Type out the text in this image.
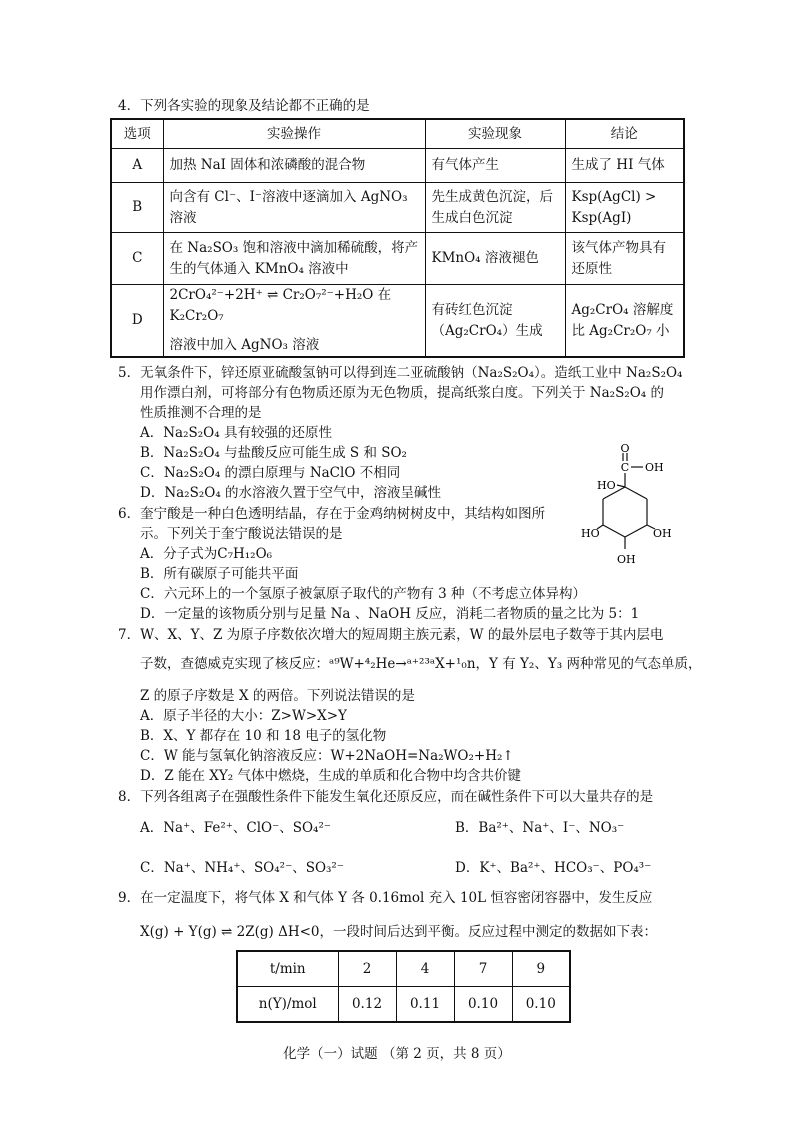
4．下列各实验的现象及结论都不正确的是
选项	实验操作	实验现象	结论
A	加热 NaI 固体和浓磷酸的混合物	有气体产生	生成了 HI 气体
B	向含有 Cl⁻、I⁻溶液中逐滴加入 AgNO₃ 溶液	先生成黄色沉淀，后生成白色沉淀	Ksp(AgCl) > Ksp(AgI)
C	在 Na₂SO₃ 饱和溶液中滴加稀硫酸，将产生的气体通入 KMnO₄ 溶液中	KMnO₄ 溶液褪色	该气体产物具有还原性
D	2CrO₄²⁻+2H⁺ ⇌ Cr₂O₇²⁻+H₂O 在 K₂Cr₂O₇
溶液中加入 AgNO₃ 溶液	有砖红色沉淀（Ag₂CrO₄）生成	Ag₂CrO₄ 溶解度比 Ag₂Cr₂O₇ 小
5．无氧条件下，锌还原亚硫酸氢钠可以得到连二亚硫酸钠（Na₂S₂O₄）。造纸工业中 Na₂S₂O₄
用作漂白剂，可将部分有色物质还原为无色物质，提高纸浆白度。下列关于 Na₂S₂O₄ 的
性质推测不合理的是
A．Na₂S₂O₄ 具有较强的还原性
B．Na₂S₂O₄ 与盐酸反应可能生成 S 和 SO₂
C．Na₂S₂O₄ 的漂白原理与 NaClO 不相同
D．Na₂S₂O₄ 的水溶液久置于空气中，溶液呈碱性
6．奎宁酸是一种白色透明结晶，存在于金鸡纳树树皮中，其结构如图所
示。下列关于奎宁酸说法错误的是
A．分子式为C₇H₁₂O₆
B．所有碳原子可能共平面
C．六元环上的一个氢原子被氯原子取代的产物有 3 种（不考虑立体异构）
D．一定量的该物质分别与足量 Na 、NaOH 反应，消耗二者物质的量之比为 5：1
O
C OH
HO
HO
OH
OH
7．W、X、Y、Z 为原子序数依次增大的短周期主族元素，W 的最外层电子数等于其内层电
子数，查德威克实现了核反应：ᵃ⁹W+⁴₂He→ᵃ⁺²³ᵃX+¹₀n，Y 有 Y₂、Y₃ 两种常见的气态单质，
Z 的原子序数是 X 的两倍。下列说法错误的是
A．原子半径的大小：Z>W>X>Y
B．X、Y 都存在 10 和 18 电子的氢化物
C．W 能与氢氧化钠溶液反应：W+2NaOH=Na₂WO₂+H₂↑
D．Z 能在 XY₂ 气体中燃烧，生成的单质和化合物中均含共价键
8．下列各组离子在强酸性条件下能发生氧化还原反应，而在碱性条件下可以大量共存的是
A．Na⁺、Fe²⁺、ClO⁻、SO₄²⁻	B．Ba²⁺、Na⁺、I⁻、NO₃⁻
C．Na⁺、NH₄⁺、SO₄²⁻、SO₃²⁻	D．K⁺、Ba²⁺、HCO₃⁻、PO₄³⁻
9．在一定温度下，将气体 X 和气体 Y 各 0.16mol 充入 10L 恒容密闭容器中，发生反应
X(g) + Y(g) ⇌ 2Z(g) ΔH<0，一段时间后达到平衡。反应过程中测定的数据如下表：
t/min	2	4	7	9
n(Y)/mol	0.12	0.11	0.10	0.10
化学（一）试题 （第 2 页，共 8 页）
